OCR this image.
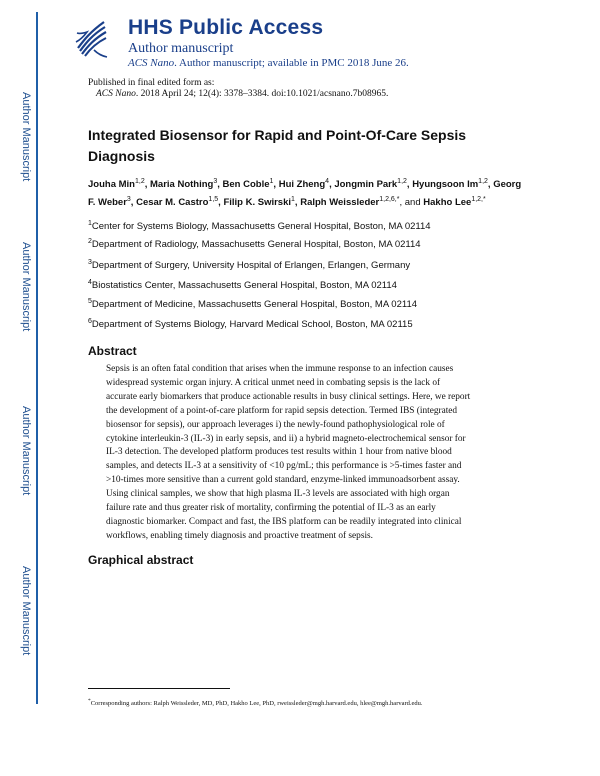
Author Manuscript
Author Manuscript
Author Manuscript
Author Manuscript
HHS Public Access
Author manuscript
ACS Nano. Author manuscript; available in PMC 2018 June 26.
Published in final edited form as:
ACS Nano. 2018 April 24; 12(4): 3378–3384. doi:10.1021/acsnano.7b08965.
Integrated Biosensor for Rapid and Point-Of-Care Sepsis Diagnosis
Jouha Min$^{1,2}$, Maria Nothing$^3$, Ben Coble$^1$, Hui Zheng$^4$, Jongmin Park$^{1,2}$, Hyungsoon Im$^{1,2}$, Georg F. Weber$^3$, Cesar M. Castro$^{1,5}$, Filip K. Swirski$^1$, Ralph Weissleder$^{1,2,6,*}$, and Hakho Lee$^{1,2,*}$
$^1$Center for Systems Biology, Massachusetts General Hospital, Boston, MA 02114
$^2$Department of Radiology, Massachusetts General Hospital, Boston, MA 02114
$^3$Department of Surgery, University Hospital of Erlangen, Erlangen, Germany
$^4$Biostatistics Center, Massachusetts General Hospital, Boston, MA 02114
$^5$Department of Medicine, Massachusetts General Hospital, Boston, MA 02114
$^6$Department of Systems Biology, Harvard Medical School, Boston, MA 02115
Abstract
Sepsis is an often fatal condition that arises when the immune response to an infection causes
widespread systemic organ injury. A critical unmet need in combating sepsis is the lack of
accurate early biomarkers that produce actionable results in busy clinical settings. Here, we report
the development of a point-of-care platform for rapid sepsis detection. Termed IBS (integrated
biosensor for sepsis), our approach leverages i) the newly-found pathophysiological role of
cytokine interleukin-3 (IL-3) in early sepsis, and ii) a hybrid magneto-electrochemical sensor for
IL-3 detection. The developed platform produces test results within 1 hour from native blood
samples, and detects IL-3 at a sensitivity of <10 pg/mL; this performance is >5-times faster and
>10-times more sensitive than a current gold standard, enzyme-linked immunoadsorbent assay.
Using clinical samples, we show that high plasma IL-3 levels are associated with high organ
failure rate and thus greater risk of mortality, confirming the potential of IL-3 as an early
diagnostic biomarker. Compact and fast, the IBS platform can be readily integrated into clinical
workflows, enabling timely diagnosis and proactive treatment of sepsis.
Graphical abstract
*Corresponding authors: Ralph Weissleder, MD, PhD, Hakho Lee, PhD, rweissleder@mgh.harvard.edu, hlee@mgh.harvard.edu.
